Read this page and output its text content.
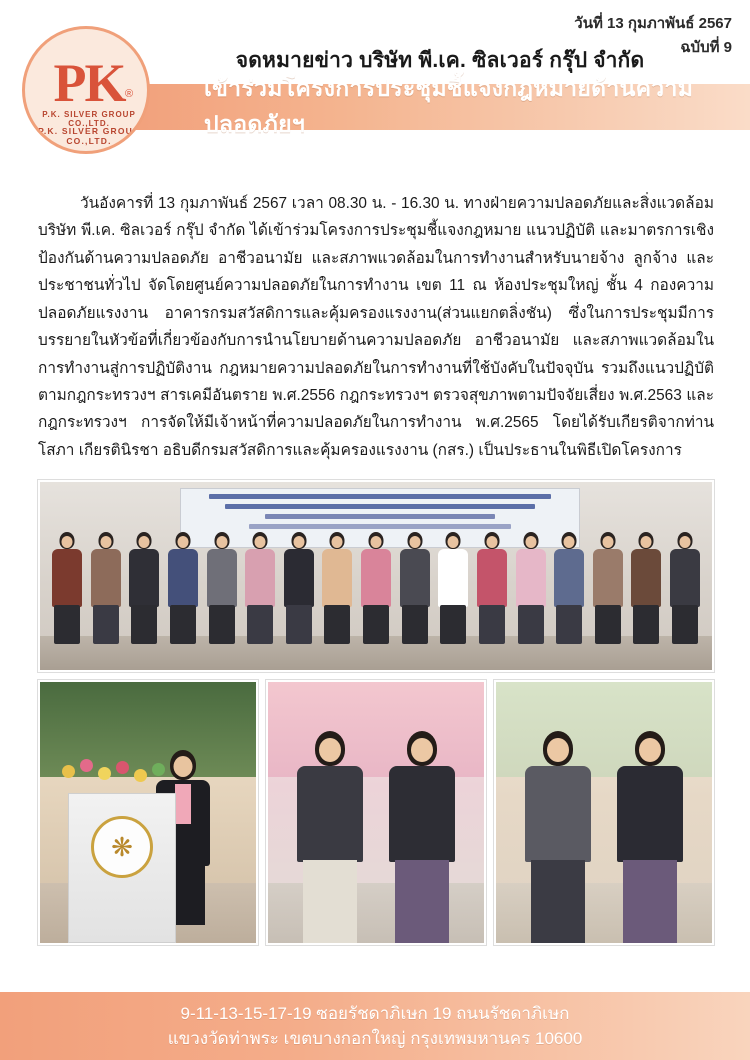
วันที่ 13 กุมภาพันธ์ 2567
ฉบับที่ 9
จดหมายข่าว บริษัท พี.เค. ซิลเวอร์ กรุ๊ป จำกัด
เข้าร่วมโครงการประชุมชี้แจงกฎหมายด้านความปลอดภัยฯ
PK ®
P.K. SILVER GROUP CO.,LTD.
P.K. SILVER GROUP CO.,LTD.
วันอังคารที่ 13 กุมภาพันธ์ 2567 เวลา 08.30 น. - 16.30 น. ทางฝ่ายความปลอดภัยและสิ่งแวดล้อม บริษัท พี.เค. ซิลเวอร์ กรุ๊ป จำกัด ได้เข้าร่วมโครงการประชุมชี้แจงกฎหมาย แนวปฏิบัติ และมาตรการเชิงป้องกันด้านความปลอดภัย อาชีวอนามัย และสภาพแวดล้อมในการทำงานสำหรับนายจ้าง ลูกจ้าง และประชาชนทั่วไป จัดโดยศูนย์ความปลอดภัยในการทำงาน เขต 11 ณ ห้องประชุมใหญ่ ชั้น 4 กองความปลอดภัยแรงงาน อาคารกรมสวัสดิการและคุ้มครองแรงงาน(ส่วนแยกตลิ่งชัน) ซึ่งในการประชุมมีการบรรยายในหัวข้อที่เกี่ยวข้องกับการนำนโยบายด้านความปลอดภัย อาชีวอนามัย และสภาพแวดล้อมในการทำงานสู่การปฏิบัติงาน กฎหมายความปลอดภัยในการทำงานที่ใช้บังคับในปัจจุบัน รวมถึงแนวปฏิบัติตามกฎกระทรวงฯ สารเคมีอันตราย พ.ศ.2556 กฎกระทรวงฯ ตรวจสุขภาพตามปัจจัยเสี่ยง พ.ศ.2563 และกฎกระทรวงฯ การจัดให้มีเจ้าหน้าที่ความปลอดภัยในการทำงาน พ.ศ.2565 โดยได้รับเกียรติจากท่านโสภา เกียรตินิรชา อธิบดีกรมสวัสดิการและคุ้มครองแรงงาน (กสร.) เป็นประธานในพิธีเปิดโครงการ
❋
9-11-13-15-17-19 ซอยรัชดาภิเษก 19 ถนนรัชดาภิเษก
แขวงวัดท่าพระ เขตบางกอกใหญ่ กรุงเทพมหานคร 10600
